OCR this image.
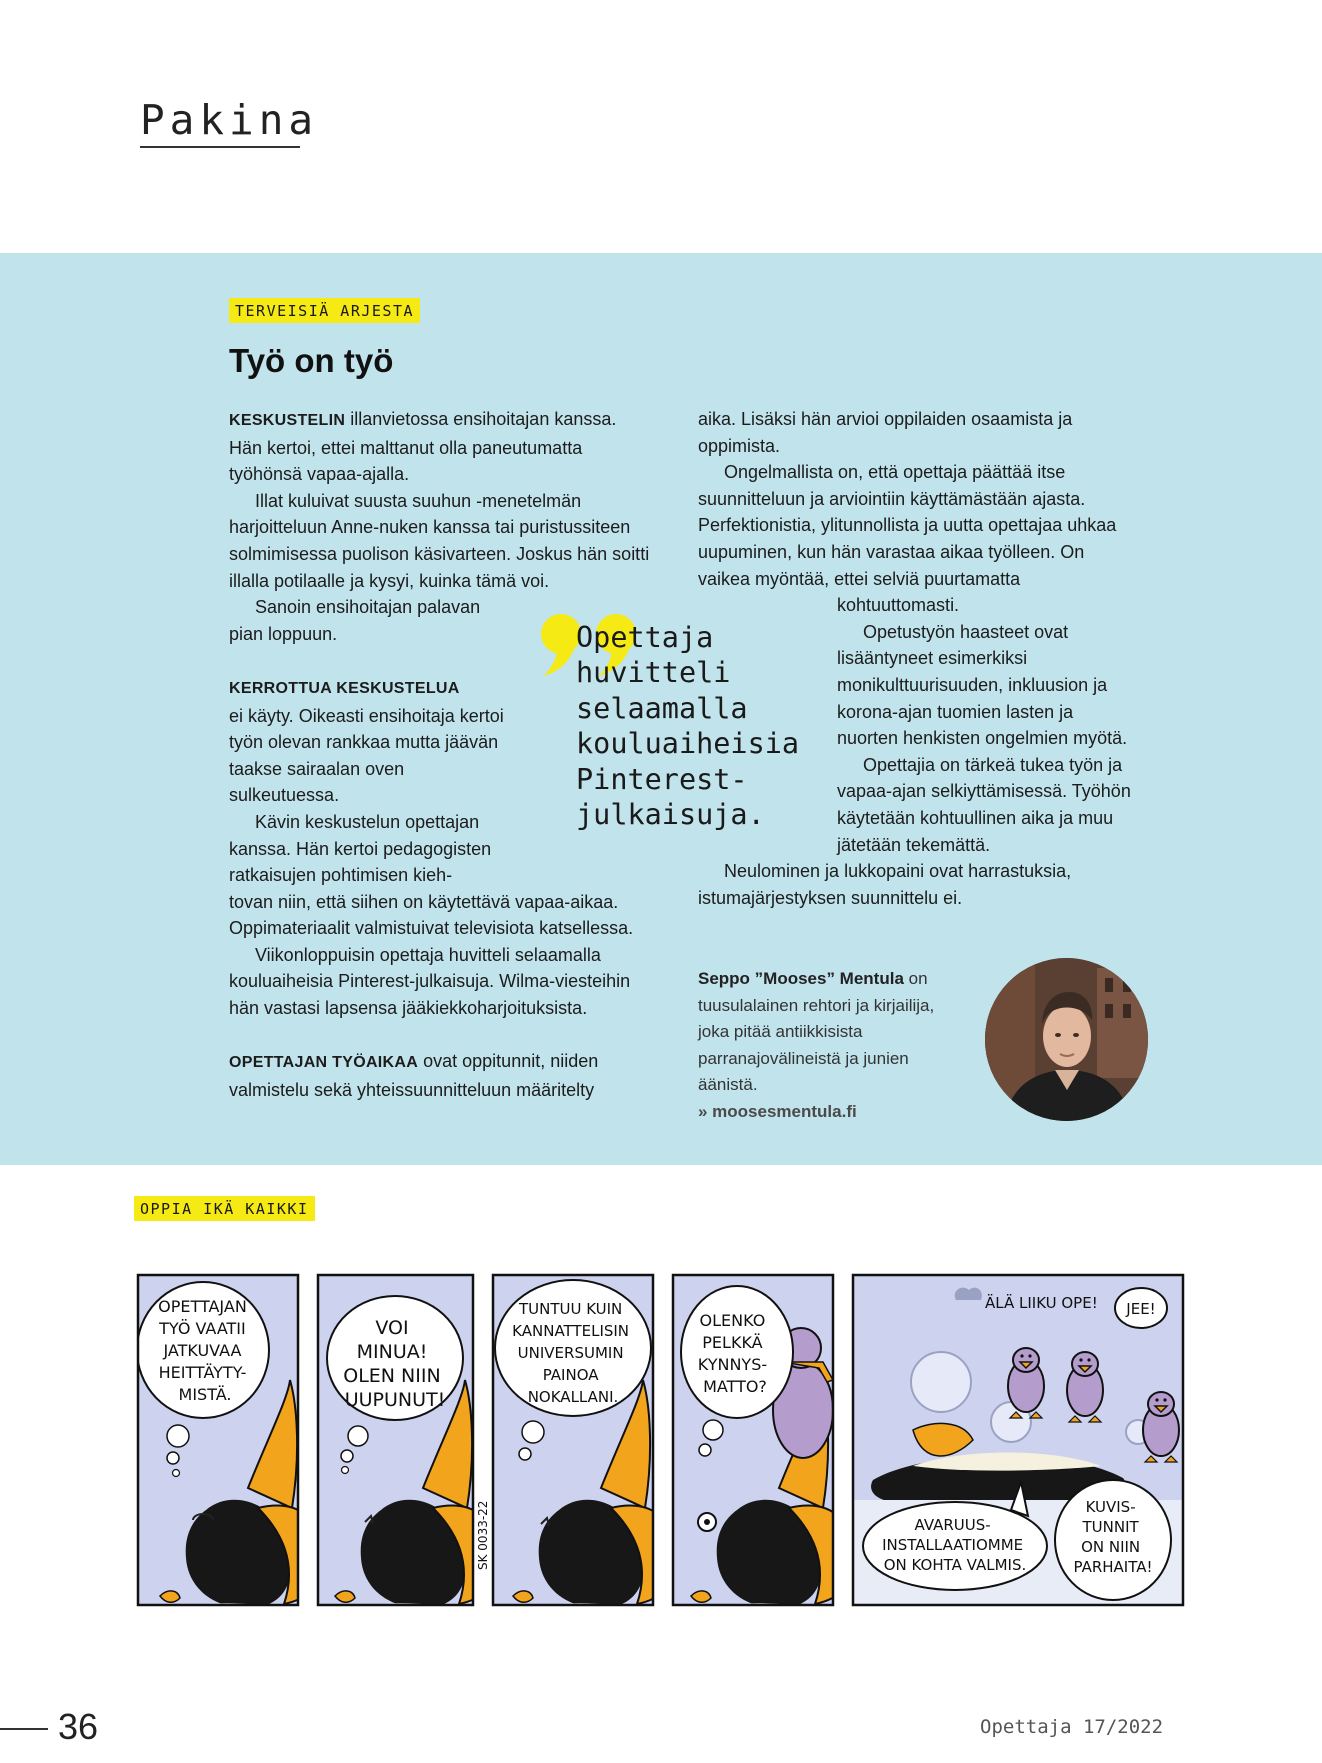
Pakina
TERVEISIÄ ARJESTA
Työ on työ

KESKUSTELIN illanvietossa ensihoitajan kanssa.

Hän kertoi, ettei malttanut olla paneutumatta työhönsä vapaa-ajalla.

Illat kuluivat suusta suuhun -menetelmän harjoitteluun Anne-nuken kanssa tai puristussiteen solmimisessa puolison käsivarteen. Joskus hän soitti illalla potilaalle ja kysyi, kuinka tämä voi.

Sanoin ensihoitajan palavan pian loppuun.

KERROTTUA KESKUSTELUA

ei käyty. Oikeasti ensihoitaja kertoi työn olevan rankkaa mutta jäävän taakse sairaalan oven sulkeutuessa.

Kävin keskustelun opettajan kanssa. Hän kertoi pedagogisten ratkaisujen pohtimisen kieh-

tovan niin, että siihen on käytettävä vapaa-aikaa. Oppimateriaalit valmistuivat televisiota katsellessa.

Viikonloppuisin opettaja huvitteli selaamalla kouluaiheisia Pinterest-julkaisuja. Wilma-viesteihin hän vastasi lapsensa jääkiekkoharjoituksista.

OPETTAJAN TYÖAIKAA ovat oppitunnit, niiden valmistelu sekä yhteissuunnitteluun määritelty

aika. Lisäksi hän arvioi oppilaiden osaamista ja oppimista.

Ongelmallista on, että opettaja päättää itse suunnitteluun ja arviointiin käyttämästään ajasta. Perfektionistia, ylitunnollista ja uutta opettajaa uhkaa uupuminen, kun hän varastaa aikaa työlleen. On vaikea myöntää, ettei selviä puurtamatta

kohtuuttomasti.

Opetustyön haasteet ovat lisääntyneet esimerkiksi monikulttuurisuuden, inkluusion ja korona-ajan tuomien lasten ja nuorten henkisten ongelmien myötä.

Opettajia on tärkeä tukea työn ja vapaa-ajan selkiyttämisessä. Työhön käytetään kohtuullinen aika ja muu jätetään tekemättä.

Neulominen ja lukkopaini ovat harrastuksia, istumajärjestyksen suunnittelu ei.

Opettaja
huvitteli
selaamalla
kouluaiheisia
Pinterest-
julkaisuja.
Seppo ”Mooses” Mentula on tuusulalainen rehtori ja kirjailija, joka pitää antiikkisista parranajovälineistä ja junien äänistä.
» moosesmentula.fi
OPPIA IKÄ KAIKKI
OPETTAJAN TYÖ VAATII JATKUVAA HEITTÄYTY- MISTÄ.
VOI MINUA! OLEN NIIN UUPUNUT!
SK 0033-22
TUNTUU KUIN KANNATTELISIN UNIVERSUMIN PAINOA NOKALLANI.
OLENKO PELKKÄ KYNNYS- MATTO?
ÄLÄ LIIKU OPE! JEE!
AVARUUS- INSTALLAATIOMME ON KOHTA VALMIS.
KUVIS- TUNNIT ON NIIN PARHAITA!
36	Opettaja 17/2022
